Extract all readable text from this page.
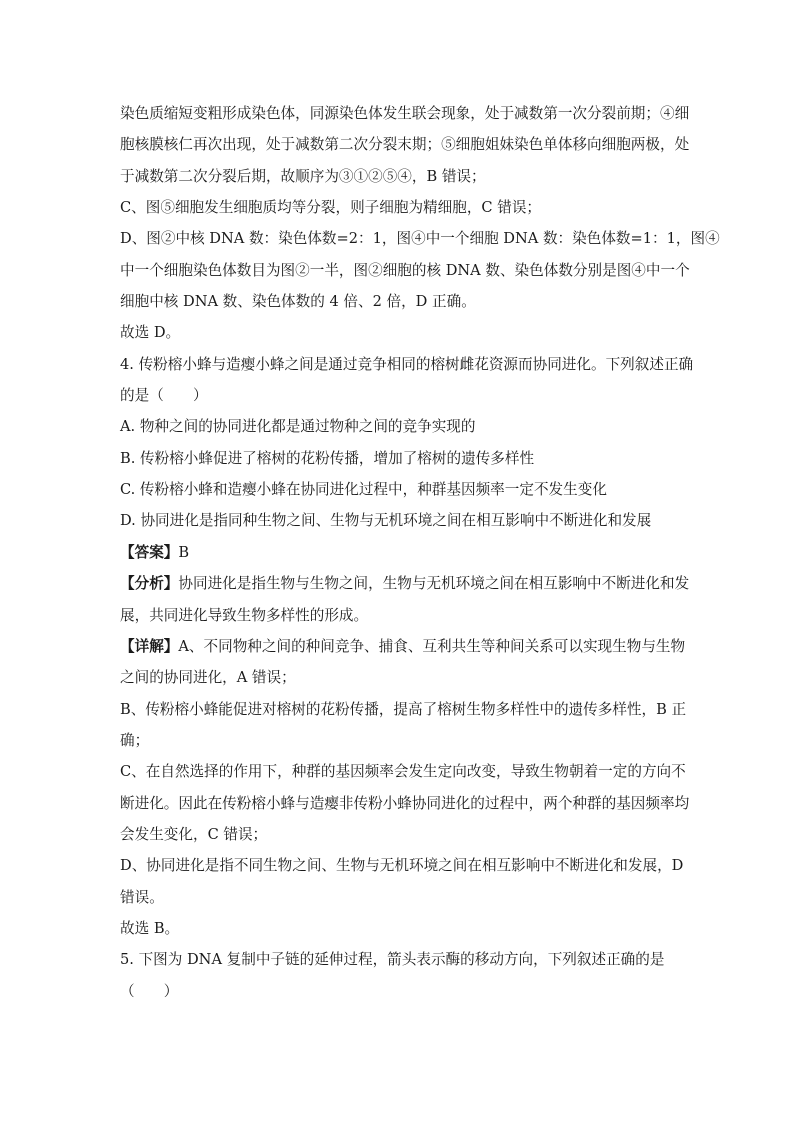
染色质缩短变粗形成染色体，同源染色体发生联会现象，处于减数第一次分裂前期；④细

胞核膜核仁再次出现，处于减数第二次分裂末期；⑤细胞姐妹染色单体移向细胞两极，处

于减数第二次分裂后期，故顺序为③①②⑤④，B 错误；

C、图⑤细胞发生细胞质均等分裂，则子细胞为精细胞，C 错误；

D、图②中核 DNA 数：染色体数=2：1，图④中一个细胞 DNA 数：染色体数=1：1，图④

中一个细胞染色体数目为图②一半，图②细胞的核 DNA 数、染色体数分别是图④中一个

细胞中核 DNA 数、染色体数的 4 倍、2 倍，D 正确。

故选 D。

4. 传粉榕小蜂与造瘿小蜂之间是通过竞争相同的榕树雌花资源而协同进化。下列叙述正确

的是（　　）

A. 物种之间的协同进化都是通过物种之间的竞争实现的

B. 传粉榕小蜂促进了榕树的花粉传播，增加了榕树的遗传多样性

C. 传粉榕小蜂和造瘿小蜂在协同进化过程中，种群基因频率一定不发生变化

D. 协同进化是指同种生物之间、生物与无机环境之间在相互影响中不断进化和发展

【答案】B

【分析】协同进化是指生物与生物之间，生物与无机环境之间在相互影响中不断进化和发

展，共同进化导致生物多样性的形成。

【详解】A、不同物种之间的种间竞争、捕食、互利共生等种间关系可以实现生物与生物

之间的协同进化，A 错误；

B、传粉榕小蜂能促进对榕树的花粉传播，提高了榕树生物多样性中的遗传多样性，B 正

确；

C、在自然选择的作用下，种群的基因频率会发生定向改变，导致生物朝着一定的方向不

断进化。因此在传粉榕小蜂与造瘿非传粉小蜂协同进化的过程中，两个种群的基因频率均

会发生变化，C 错误；

D、协同进化是指不同生物之间、生物与无机环境之间在相互影响中不断进化和发展，D

错误。

故选 B。

5. 下图为 DNA 复制中子链的延伸过程，箭头表示酶的移动方向，下列叙述正确的是

（　　）
